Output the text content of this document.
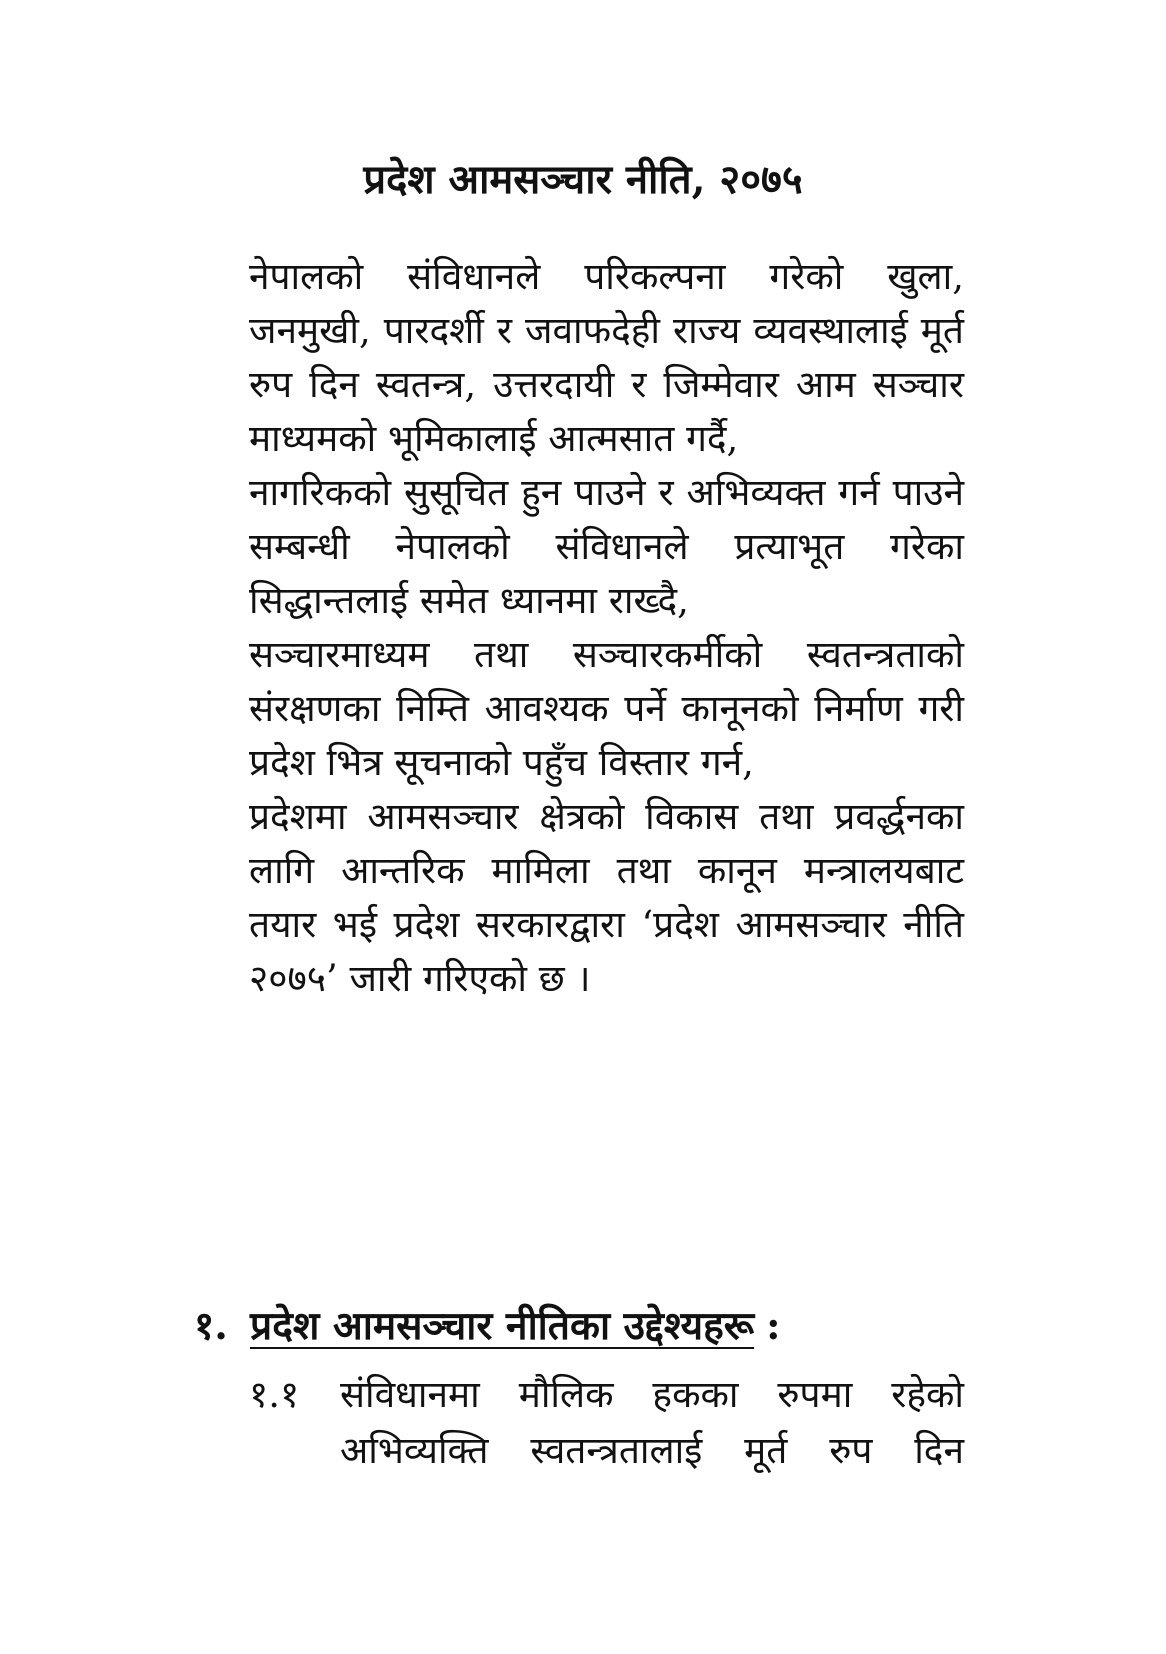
प्रदेश आमसञ्चार नीति, २०७५

नेपालको संविधानले परिकल्पना गरेको खुला, जनमुखी, पारदर्शी र जवाफदेही राज्य व्यवस्थालाई मूर्त रुप दिन स्वतन्त्र, उत्तरदायी र जिम्मेवार आम सञ्चार माध्यमको भूमिकालाई आत्मसात गर्दै,

नागरिकको सुसूचित हुन पाउने र अभिव्यक्त गर्न पाउने सम्बन्धी नेपालको संविधानले प्रत्याभूत गरेका सिद्धान्तलाई समेत ध्यानमा राख्दै,

सञ्चारमाध्यम तथा सञ्चारकर्मीको स्वतन्त्रताको संरक्षणका निम्ति आवश्यक पर्ने कानूनको निर्माण गरी प्रदेश भित्र सूचनाको पहुँच विस्तार गर्न,

प्रदेशमा आमसञ्चार क्षेत्रको विकास तथा प्रवर्द्धनका लागि आन्तरिक मामिला तथा कानून मन्त्रालयबाट तयार भई प्रदेश सरकारद्वारा ‘प्रदेश आमसञ्चार नीति २०७५’ जारी गरिएको छ ।

१. प्रदेश आमसञ्चार नीतिका उद्देश्यहरू :
१.१ संविधानमा मौलिक हकका रुपमा रहेको अभिव्यक्ति स्वतन्त्रतालाई मूर्त रुप दिन
